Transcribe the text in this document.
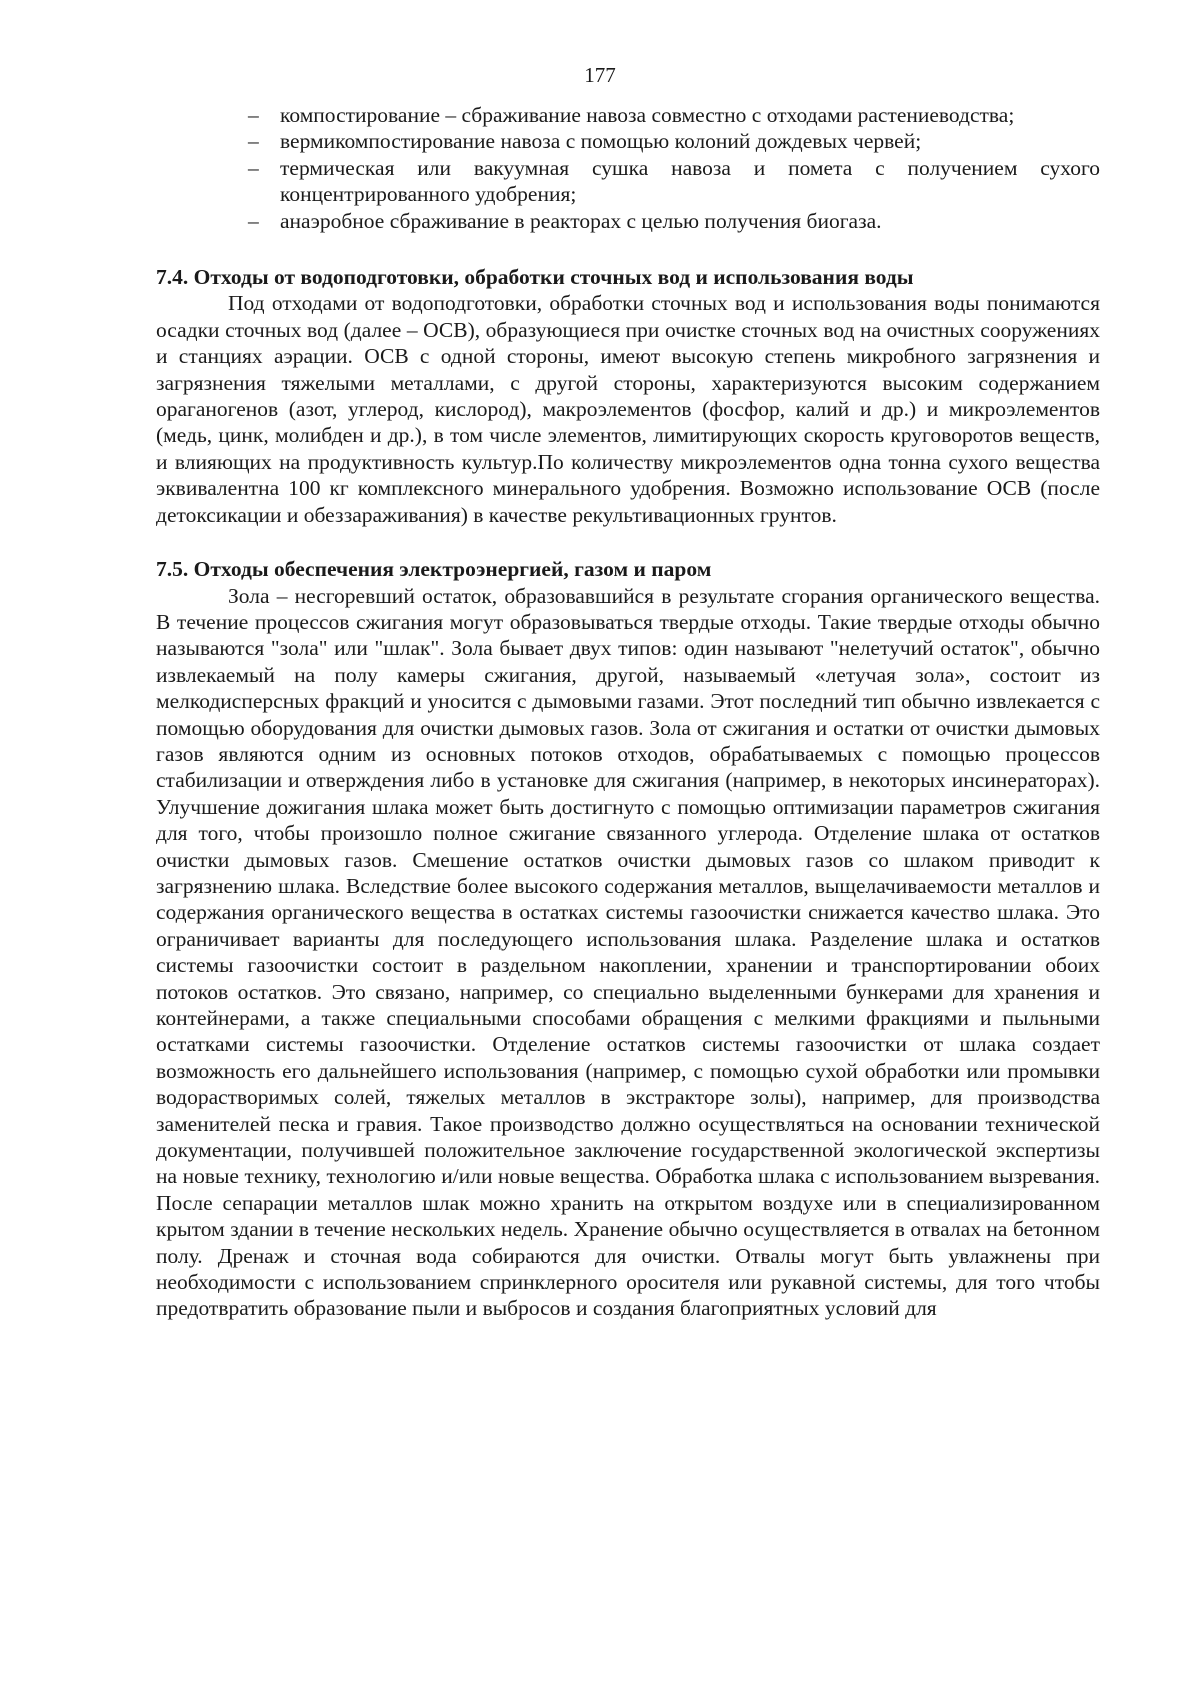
177
– компостирование – сбраживание навоза совместно с отходами растениеводства;
– вермикомпостирование навоза с помощью колоний дождевых червей;
– термическая или вакуумная сушка навоза и помета с получением сухого концентрированного удобрения;
– анаэробное сбраживание в реакторах с целью получения биогаза.
7.4. Отходы от водоподготовки, обработки сточных вод и использования воды

Под отходами от водоподготовки, обработки сточных вод и использования воды понимаются осадки сточных вод (далее – ОСВ), образующиеся при очистке сточных вод на очистных сооружениях и станциях аэрации. ОСВ с одной стороны, имеют высокую степень микробного загрязнения и загрязнения тяжелыми металлами, с другой стороны, характеризуются высоким содержанием ораганогенов (азот, углерод, кислород), макроэлементов (фосфор, калий и др.) и микроэлементов (медь, цинк, молибден и др.), в том числе элементов, лимитирующих скорость круговоротов веществ, и влияющих на продуктивность культур.По количеству микроэлементов одна тонна сухого вещества эквивалентна 100 кг комплексного минерального удобрения. Возможно использование ОСВ (после детоксикации и обеззараживания) в качестве рекультивационных грунтов.

7.5. Отходы обеспечения электроэнергией, газом и паром

Зола – несгоревший остаток, образовавшийся в результате сгорания органического вещества. В течение процессов сжигания могут образовываться твердые отходы. Такие твердые отходы обычно называются "зола" или "шлак". Зола бывает двух типов: один называют "нелетучий остаток", обычно извлекаемый на полу камеры сжигания, другой, называемый «летучая зола», состоит из мелкодисперсных фракций и уносится с дымовыми газами. Этот последний тип обычно извлекается с помощью оборудования для очистки дымовых газов. Зола от сжигания и остатки от очистки дымовых газов являются одним из основных потоков отходов, обрабатываемых с помощью процессов стабилизации и отверждения либо в установке для сжигания (например, в некоторых инсинераторах). Улучшение дожигания шлака может быть достигнуто с помощью оптимизации параметров сжигания для того, чтобы произошло полное сжигание связанного углерода. Отделение шлака от остатков очистки дымовых газов. Смешение остатков очистки дымовых газов со шлаком приводит к загрязнению шлака. Вследствие более высокого содержания металлов, выщелачиваемости металлов и содержания органического вещества в остатках системы газоочистки снижается качество шлака. Это ограничивает варианты для последующего использования шлака. Разделение шлака и остатков системы газоочистки состоит в раздельном накоплении, хранении и транспортировании обоих потоков остатков. Это связано, например, со специально выделенными бункерами для хранения и контейнерами, а также специальными способами обращения с мелкими фракциями и пыльными остатками системы газоочистки. Отделение остатков системы газоочистки от шлака создает возможность его дальнейшего использования (например, с помощью сухой обработки или промывки водорастворимых солей, тяжелых металлов в экстракторе золы), например, для производства заменителей песка и гравия. Такое производство должно осуществляться на основании технической документации, получившей положительное заключение государственной экологической экспертизы на новые технику, технологию и/или новые вещества. Обработка шлака с использованием вызревания. После сепарации металлов шлак можно хранить на открытом воздухе или в специализированном крытом здании в течение нескольких недель. Хранение обычно осуществляется в отвалах на бетонном полу. Дренаж и сточная вода собираются для очистки. Отвалы могут быть увлажнены при необходимости с использованием спринклерного оросителя или рукавной системы, для того чтобы предотвратить образование пыли и выбросов и создания благоприятных условий для
